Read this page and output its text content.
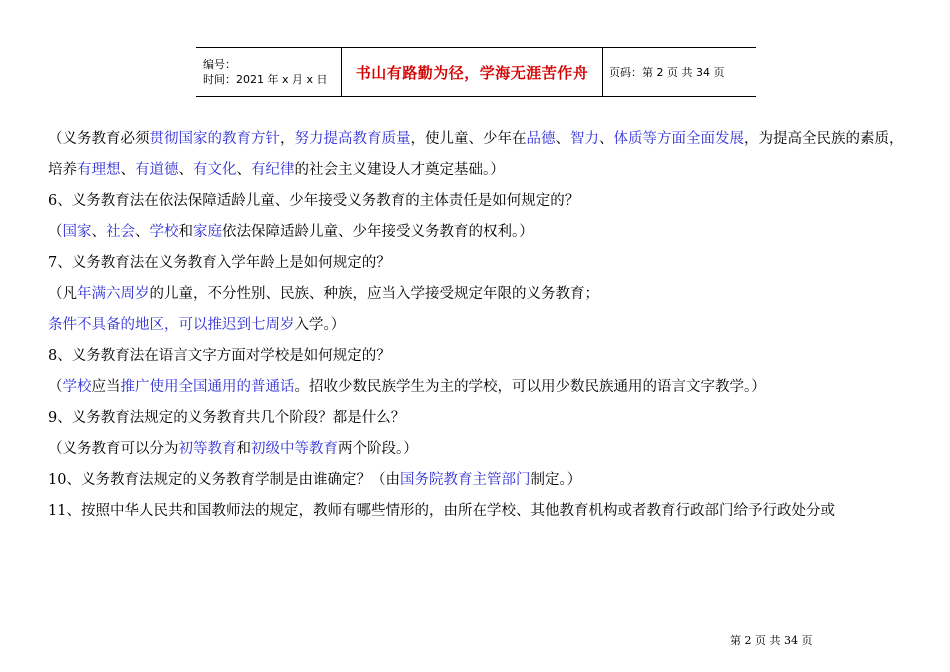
编号：
时间：2021 年 x 月 x 日	书山有路勤为径，学海无涯苦作舟 页码：第 2 页 共 34 页

（义务教育必须贯彻国家的教育方针，努力提高教育质量，使儿童、少年在品德、智力、体质等方面全面发展，为提高全民族的素质，培养有理想、有道德、有文化、有纪律的社会主义建设人才奠定基础。）

6、义务教育法在依法保障适龄儿童、少年接受义务教育的主体责任是如何规定的？

（国家、社会、学校和家庭依法保障适龄儿童、少年接受义务教育的权利。）

7、义务教育法在义务教育入学年龄上是如何规定的？

（凡年满六周岁的儿童，不分性别、民族、种族，应当入学接受规定年限的义务教育；

条件不具备的地区，可以推迟到七周岁入学。）

8、义务教育法在语言文字方面对学校是如何规定的？

（学校应当推广使用全国通用的普通话。招收少数民族学生为主的学校，可以用少数民族通用的语言文字教学。）

9、义务教育法规定的义务教育共几个阶段？都是什么？

（义务教育可以分为初等教育和初级中等教育两个阶段。）

10、义务教育法规定的义务教育学制是由谁确定？（由国务院教育主管部门制定。）

11、按照中华人民共和国教师法的规定，教师有哪些情形的，由所在学校、其他教育机构或者教育行政部门给予行政处分或

第 2 页 共 34 页
